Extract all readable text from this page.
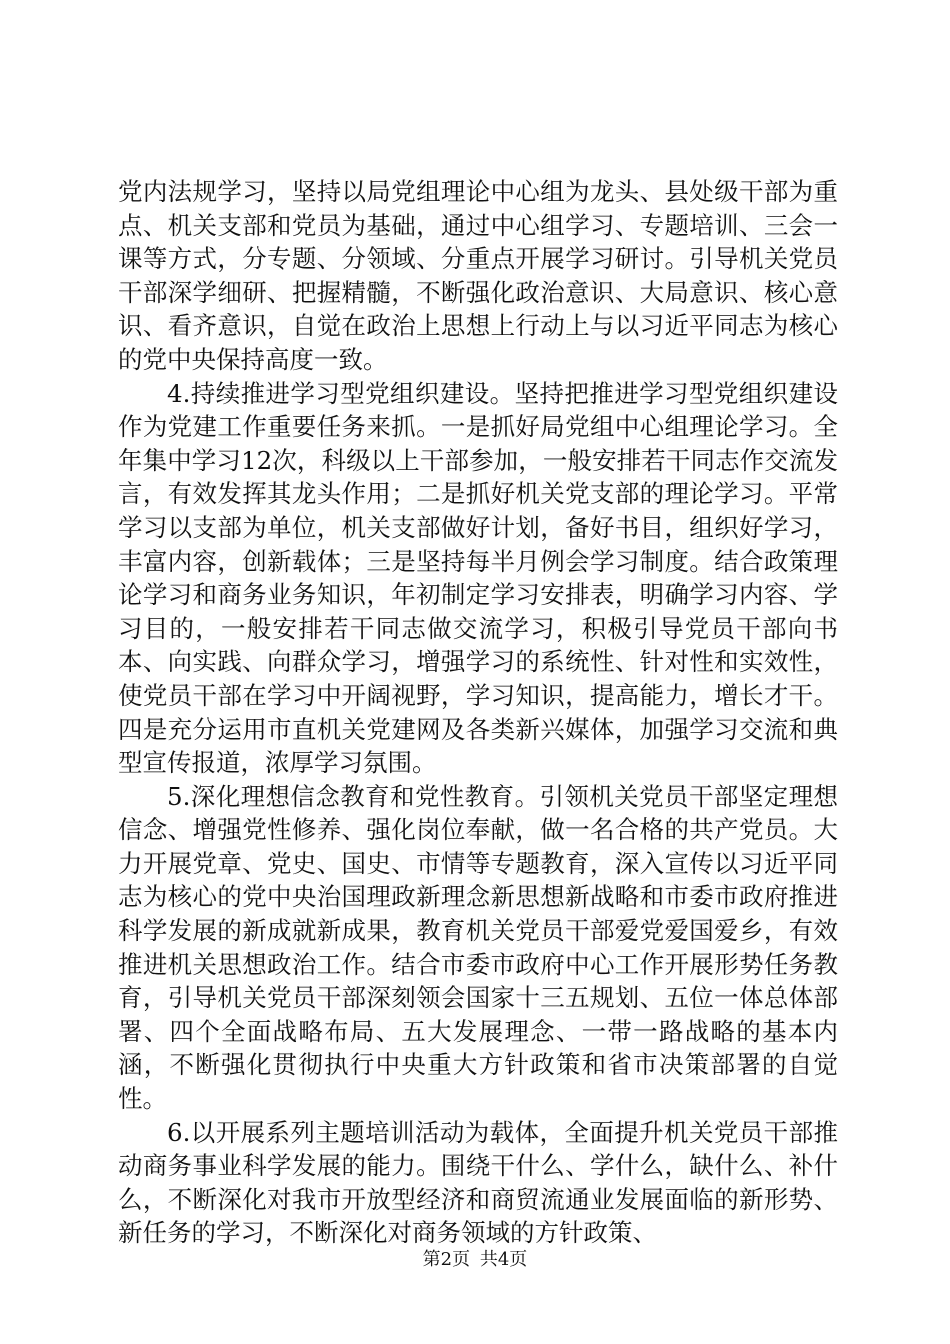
党内法规学习，坚持以局党组理论中心组为龙头、县处级干部为重点、机关支部和党员为基础，通过中心组学习、专题培训、三会一课等方式，分专题、分领域、分重点开展学习研讨。引导机关党员干部深学细研、把握精髓，不断强化政治意识、大局意识、核心意识、看齐意识，自觉在政治上思想上行动上与以习近平同志为核心的党中央保持高度一致。

4.持续推进学习型党组织建设。坚持把推进学习型党组织建设作为党建工作重要任务来抓。一是抓好局党组中心组理论学习。全年集中学习12次，科级以上干部参加，一般安排若干同志作交流发言，有效发挥其龙头作用；二是抓好机关党支部的理论学习。平常学习以支部为单位，机关支部做好计划，备好书目，组织好学习，丰富内容，创新载体；三是坚持每半月例会学习制度。结合政策理论学习和商务业务知识，年初制定学习安排表，明确学习内容、学习目的，一般安排若干同志做交流学习，积极引导党员干部向书本、向实践、向群众学习，增强学习的系统性、针对性和实效性，使党员干部在学习中开阔视野，学习知识，提高能力，增长才干。四是充分运用市直机关党建网及各类新兴媒体，加强学习交流和典型宣传报道，浓厚学习氛围。

5.深化理想信念教育和党性教育。引领机关党员干部坚定理想信念、增强党性修养、强化岗位奉献，做一名合格的共产党员。大力开展党章、党史、国史、市情等专题教育，深入宣传以习近平同志为核心的党中央治国理政新理念新思想新战略和市委市政府推进科学发展的新成就新成果，教育机关党员干部爱党爱国爱乡，有效推进机关思想政治工作。结合市委市政府中心工作开展形势任务教育，引导机关党员干部深刻领会国家十三五规划、五位一体总体部署、四个全面战略布局、五大发展理念、一带一路战略的基本内涵，不断强化贯彻执行中央重大方针政策和省市决策部署的自觉性。

6.以开展系列主题培训活动为载体，全面提升机关党员干部推动商务事业科学发展的能力。围绕干什么、学什么，缺什么、补什么，不断深化对我市开放型经济和商贸流通业发展面临的新形势、新任务的学习，不断深化对商务领域的方针政策、

第2页 共4页
